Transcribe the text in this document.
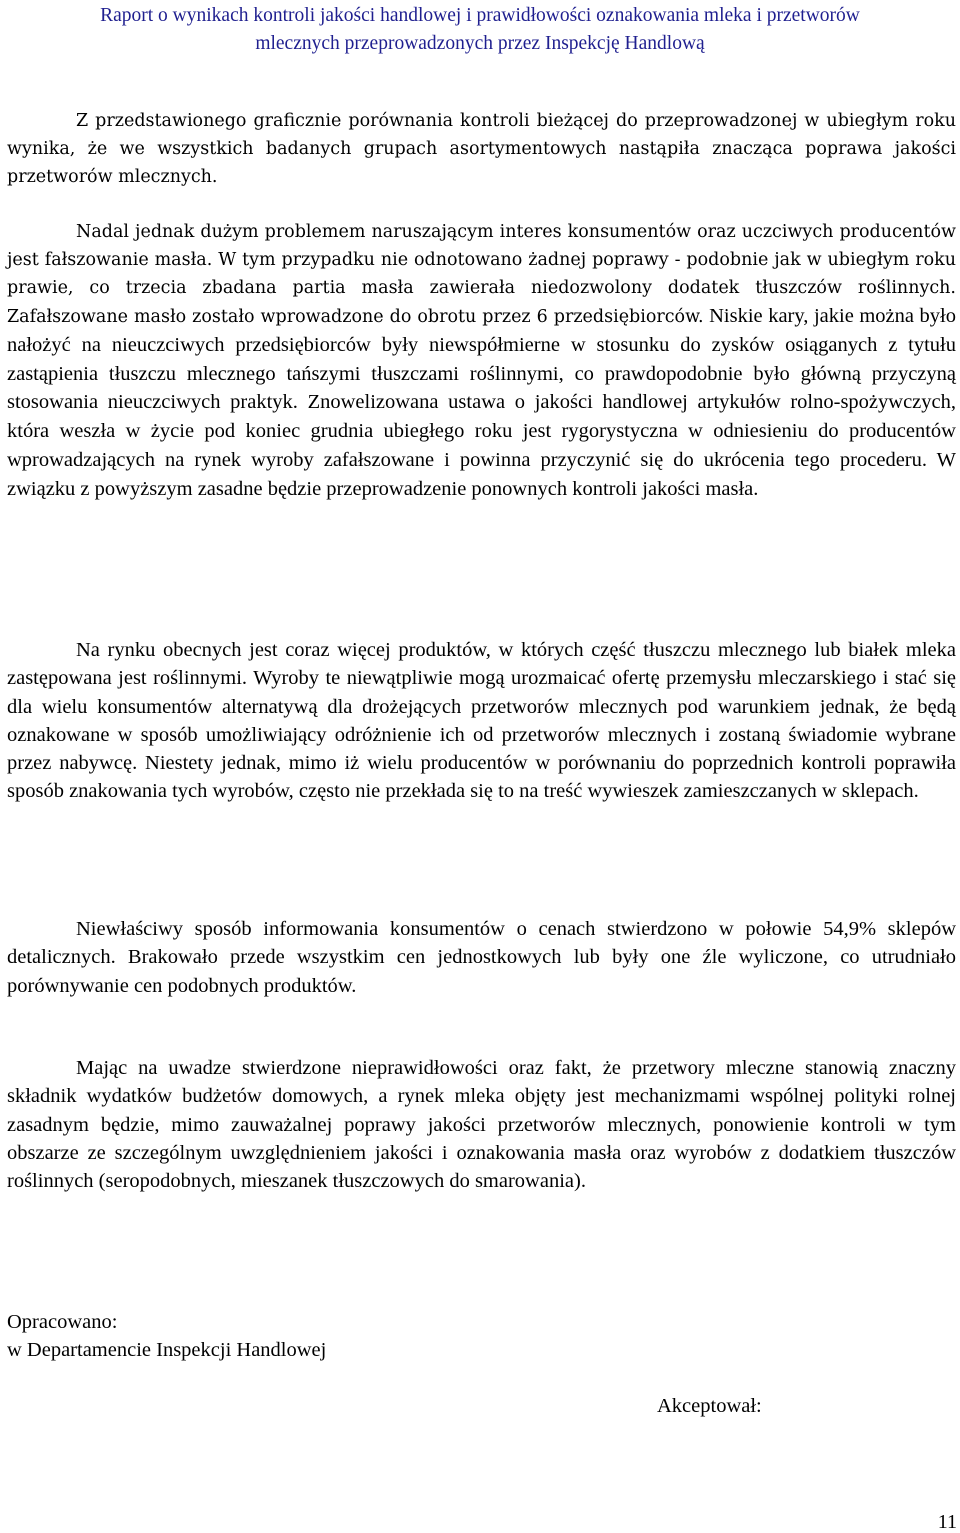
Raport o wynikach kontroli jakości handlowej i prawidłowości oznakowania mleka i przetworów
mlecznych przeprowadzonych przez Inspekcję Handlową

Z przedstawionego graficznie porównania kontroli bieżącej do przeprowadzonej w ubiegłym roku wynika, że we wszystkich badanych grupach asortymentowych nastąpiła znacząca poprawa jakości przetworów mlecznych.

Nadal jednak dużym problemem naruszającym interes konsumentów oraz uczciwych producentów jest fałszowanie masła. W tym przypadku nie odnotowano żadnej poprawy - podobnie jak w ubiegłym roku prawie, co trzecia zbadana partia masła zawierała niedozwolony dodatek tłuszczów roślinnych. Zafałszowane masło zostało wprowadzone do obrotu przez 6 przedsiębiorców. Niskie kary, jakie można było nałożyć na nieuczciwych przedsiębiorców były niewspółmierne w stosunku do zysków osiąganych z tytułu zastąpienia tłuszczu mlecznego tańszymi tłuszczami roślinnymi, co prawdopodobnie było główną przyczyną stosowania nieuczciwych praktyk. Znowelizowana ustawa o jakości handlowej artykułów rolno-spożywczych, która weszła w życie pod koniec grudnia ubiegłego roku jest rygorystyczna w odniesieniu do producentów wprowadzających na rynek wyroby zafałszowane i powinna przyczynić się do ukrócenia tego procederu. W związku z powyższym zasadne będzie przeprowadzenie ponownych kontroli jakości masła.

Na rynku obecnych jest coraz więcej produktów, w których część tłuszczu mlecznego lub białek mleka zastępowana jest roślinnymi. Wyroby te niewątpliwie mogą urozmaicać ofertę przemysłu mleczarskiego i stać się dla wielu konsumentów alternatywą dla drożejących przetworów mlecznych pod warunkiem jednak, że będą oznakowane w sposób umożliwiający odróżnienie ich od przetworów mlecznych i zostaną świadomie wybrane przez nabywcę. Niestety jednak, mimo iż wielu producentów w porównaniu do poprzednich kontroli poprawiła sposób znakowania tych wyrobów, często nie przekłada się to na treść wywieszek zamieszczanych w sklepach.

Niewłaściwy sposób informowania konsumentów o cenach stwierdzono w połowie 54,9% sklepów detalicznych. Brakowało przede wszystkim cen jednostkowych lub były one źle wyliczone, co utrudniało porównywanie cen podobnych produktów.

Mając na uwadze stwierdzone nieprawidłowości oraz fakt, że przetwory mleczne stanowią znaczny składnik wydatków budżetów domowych, a rynek mleka objęty jest mechanizmami wspólnej polityki rolnej zasadnym będzie, mimo zauważalnej poprawy jakości przetworów mlecznych, ponowienie kontroli w tym obszarze ze szczególnym uwzględnieniem jakości i oznakowania masła oraz wyrobów z dodatkiem tłuszczów roślinnych (seropodobnych, mieszanek tłuszczowych do smarowania).

Opracowano:
w Departamencie Inspekcji Handlowej
Akceptował:
11
